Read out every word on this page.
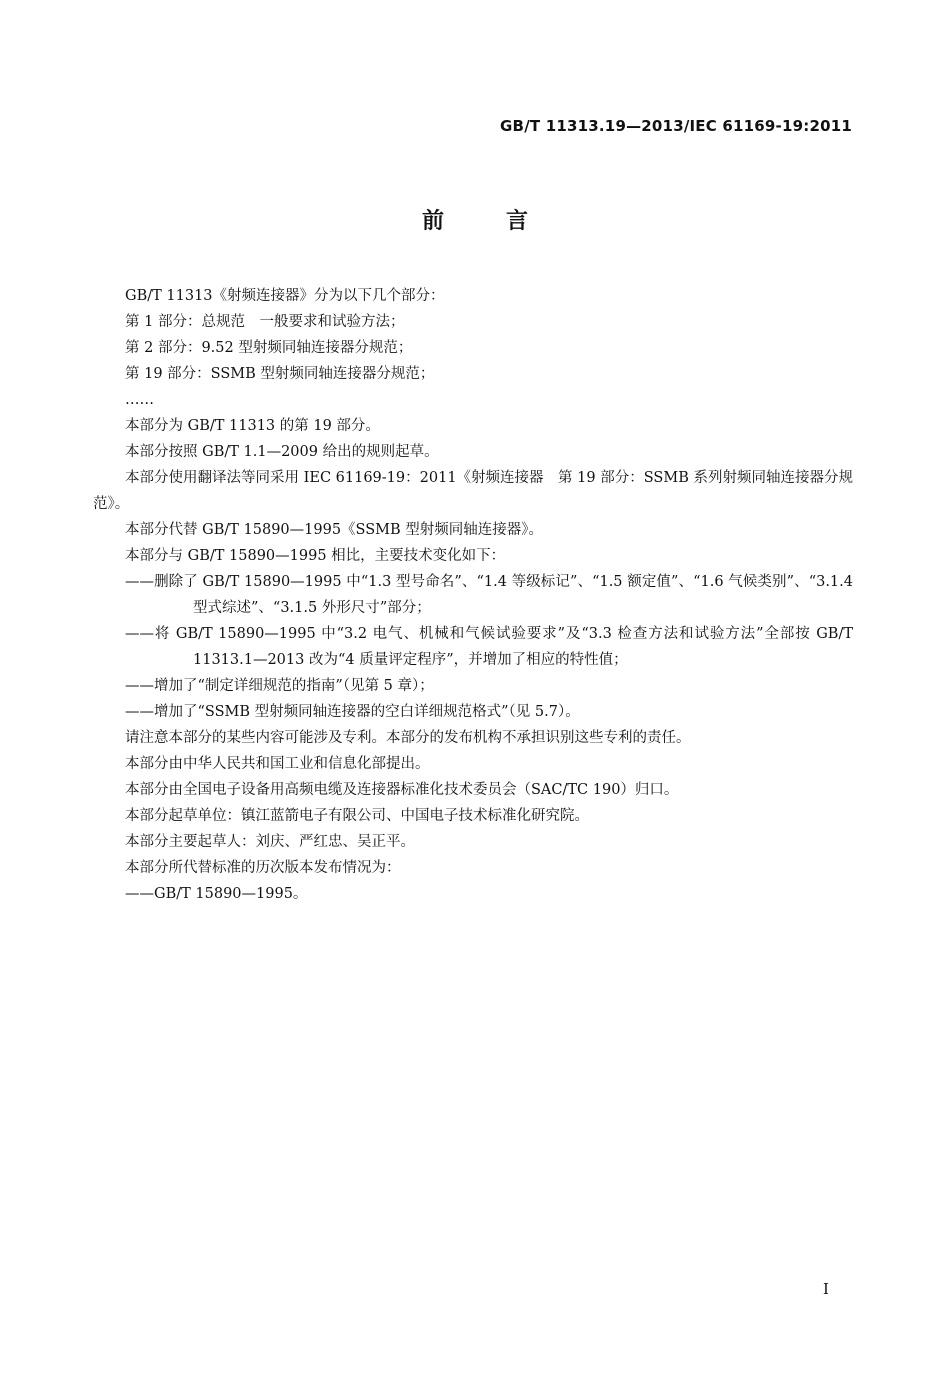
GB/T 11313.19—2013/IEC 61169-19:2011
前言

GB/T 11313《射频连接器》分为以下几个部分：

第 1 部分：总规范　一般要求和试验方法；

第 2 部分：9.52 型射频同轴连接器分规范；

第 19 部分：SSMB 型射频同轴连接器分规范；

……

本部分为 GB/T 11313 的第 19 部分。

本部分按照 GB/T 1.1—2009 给出的规则起草。

本部分使用翻译法等同采用 IEC 61169-19：2011《射频连接器　第 19 部分：SSMB 系列射频同轴连接器分规范》。

本部分代替 GB/T 15890—1995《SSMB 型射频同轴连接器》。

本部分与 GB/T 15890—1995 相比，主要技术变化如下：

——删除了 GB/T 15890—1995 中“1.3 型号命名”、“1.4 等级标记”、“1.5 额定值”、“1.6 气候类别”、“3.1.4 型式综述”、“3.1.5 外形尺寸”部分；

——将 GB/T 15890—1995 中“3.2 电气、机械和气候试验要求”及“3.3 检查方法和试验方法”全部按 GB/T 11313.1—2013 改为“4 质量评定程序”，并增加了相应的特性值；

——增加了“制定详细规范的指南”（见第 5 章）；

——增加了“SSMB 型射频同轴连接器的空白详细规范格式”（见 5.7）。

请注意本部分的某些内容可能涉及专利。本部分的发布机构不承担识别这些专利的责任。

本部分由中华人民共和国工业和信息化部提出。

本部分由全国电子设备用高频电缆及连接器标准化技术委员会（SAC/TC 190）归口。

本部分起草单位：镇江蓝箭电子有限公司、中国电子技术标准化研究院。

本部分主要起草人：刘庆、严红忠、吴正平。

本部分所代替标准的历次版本发布情况为：

——GB/T 15890—1995。

I
